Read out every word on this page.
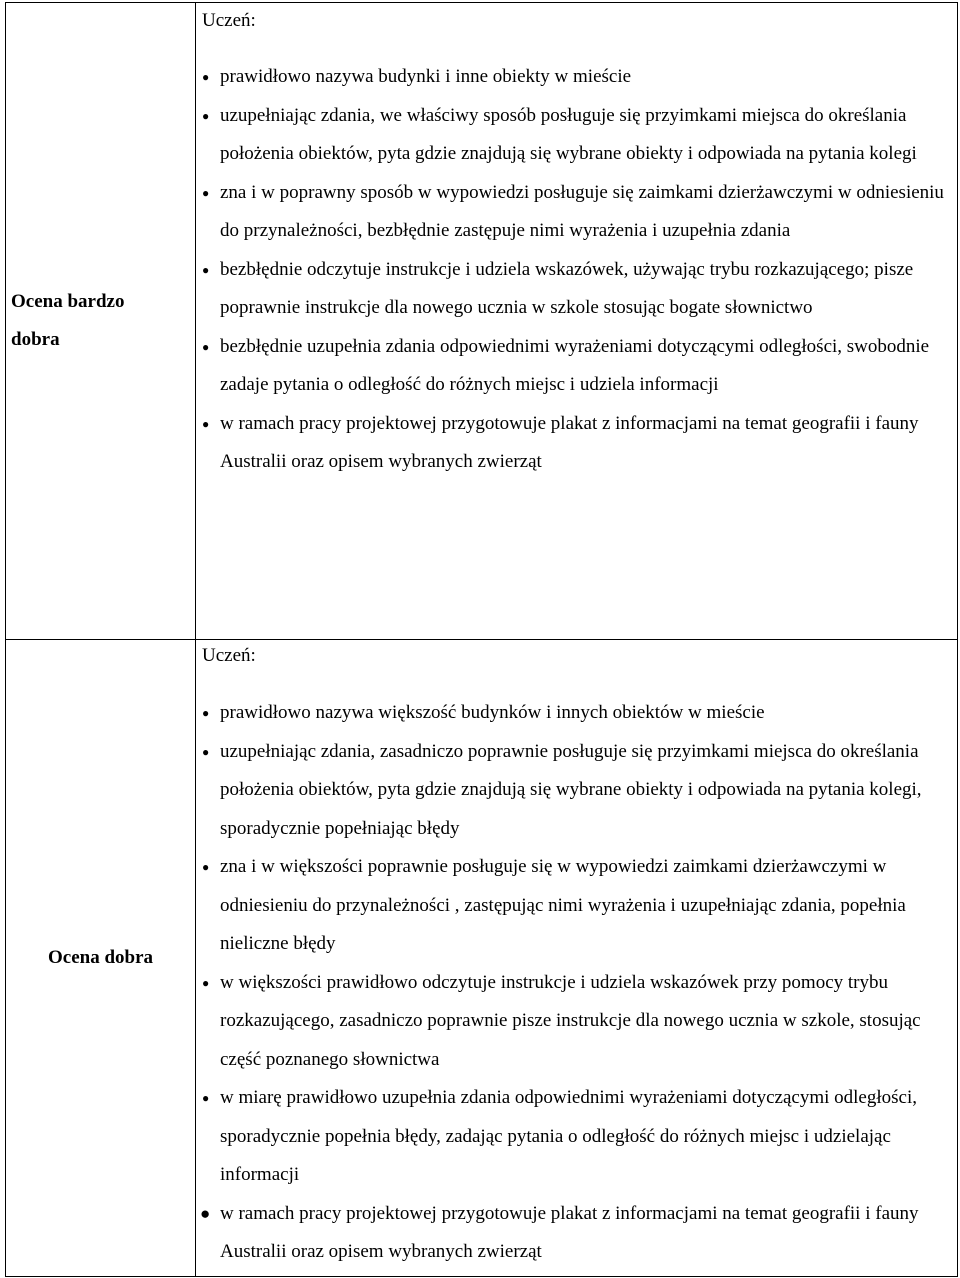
Ocena bardzo dobra
Uczeń:
● prawidłowo nazywa budynki i inne obiekty w mieście
● uzupełniając zdania, we właściwy sposób posługuje się przyimkami miejsca do określania położenia obiektów, pyta gdzie znajdują się wybrane obiekty i odpowiada na pytania kolegi
● zna i w poprawny sposób w wypowiedzi posługuje się zaimkami dzierżawczymi w odniesieniu do przynależności, bezbłędnie zastępuje nimi wyrażenia i uzupełnia zdania
● bezbłędnie odczytuje instrukcje i udziela wskazówek, używając trybu rozkazującego; pisze poprawnie instrukcje dla nowego ucznia w szkole stosując bogate słownictwo
● bezbłędnie uzupełnia zdania odpowiednimi wyrażeniami dotyczącymi odległości, swobodnie zadaje pytania o odległość do różnych miejsc i udziela informacji
● w ramach pracy projektowej przygotowuje plakat z informacjami na temat geografii i fauny Australii oraz opisem wybranych zwierząt
Ocena dobra
Uczeń:
● prawidłowo nazywa większość budynków i innych obiektów w mieście
● uzupełniając zdania, zasadniczo poprawnie posługuje się przyimkami miejsca do określania położenia obiektów, pyta gdzie znajdują się wybrane obiekty i odpowiada na pytania kolegi, sporadycznie popełniając błędy
● zna i w większości poprawnie posługuje się w wypowiedzi zaimkami dzierżawczymi w odniesieniu do przynależności , zastępując nimi wyrażenia i uzupełniając zdania, popełnia nieliczne błędy
● w większości prawidłowo odczytuje instrukcje i udziela wskazówek przy pomocy trybu rozkazującego, zasadniczo poprawnie pisze instrukcje dla nowego ucznia w szkole, stosując część poznanego słownictwa
● w miarę prawidłowo uzupełnia zdania odpowiednimi wyrażeniami dotyczącymi odległości, sporadycznie popełnia błędy, zadając pytania o odległość do różnych miejsc i udzielając informacji
● w ramach pracy projektowej przygotowuje plakat z informacjami na temat geografii i fauny Australii oraz opisem wybranych zwierząt
